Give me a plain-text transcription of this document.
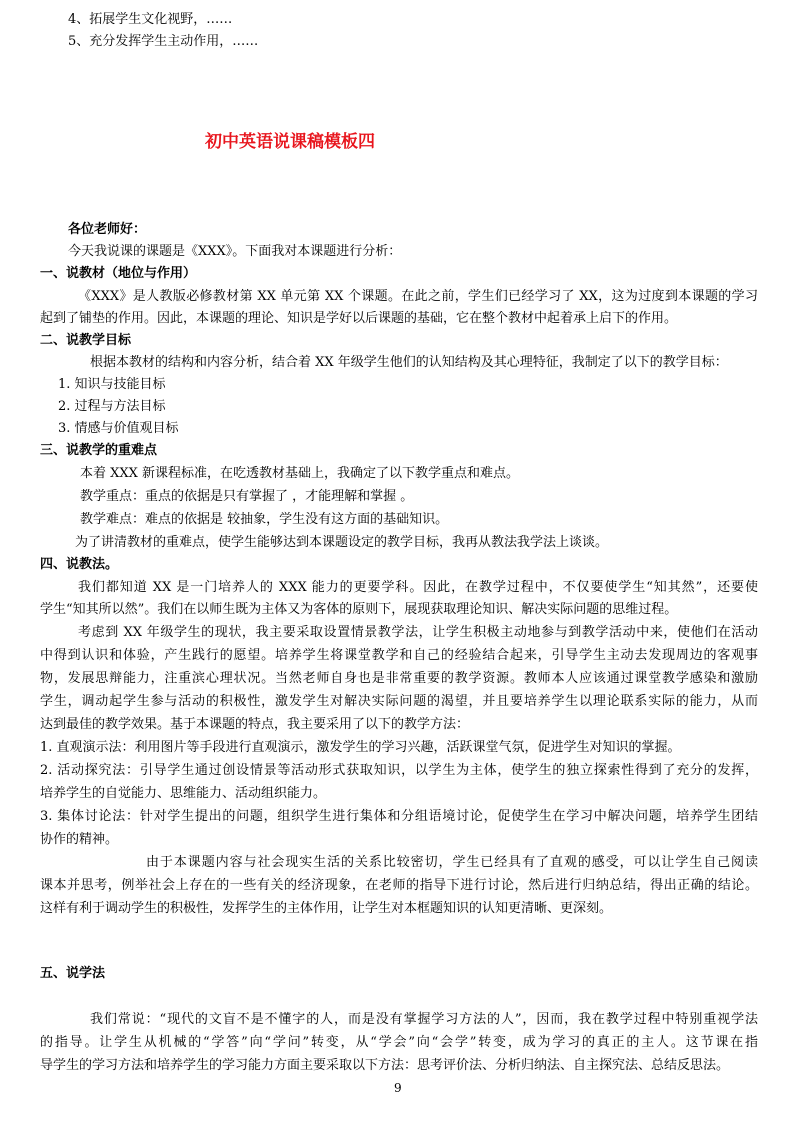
4、拓展学生文化视野，……
5、充分发挥学生主动作用，……
初中英语说课稿模板四
各位老师好：
今天我说课的课题是《XXX》。下面我对本课题进行分析：
一、说教材（地位与作用）
《XXX》是人教版必修教材第 XX 单元第 XX 个课题。在此之前，学生们已经学习了 XX，这为过度到本课题的学习
起到了铺垫的作用。因此，本课题的理论、知识是学好以后课题的基础，它在整个教材中起着承上启下的作用。
二、说教学目标
根据本教材的结构和内容分析，结合着 XX 年级学生他们的认知结构及其心理特征，我制定了以下的教学目标：
1. 知识与技能目标
2. 过程与方法目标
3. 情感与价值观目标
三、说教学的重难点
本着 XXX 新课程标准，在吃透教材基础上，我确定了以下教学重点和难点。
教学重点：重点的依据是只有掌握了 ，才能理解和掌握 。
教学难点：难点的依据是 较抽象，学生没有这方面的基础知识。
为了讲清教材的重难点，使学生能够达到本课题设定的教学目标，我再从教法我学法上谈谈。
四、说教法。
我们都知道 XX 是一门培养人的 XXX 能力的更要学科。因此，在教学过程中，不仅要使学生“知其然”，还要使
学生“知其所以然”。我们在以师生既为主体又为客体的原则下，展现获取理论知识、解决实际问题的思维过程。
考虑到 XX 年级学生的现状，我主要采取设置情景教学法，让学生积极主动地参与到教学活动中来，使他们在活动
中得到认识和体验，产生践行的愿望。培养学生将课堂教学和自己的经验结合起来，引导学生主动去发现周边的客观事
物，发展思辩能力，注重滨心理状况。当然老师自身也是非常重要的教学资源。教师本人应该通过课堂教学感染和激励
学生，调动起学生参与活动的积极性，激发学生对解决实际问题的渴望，并且要培养学生以理论联系实际的能力，从而
达到最佳的教学效果。基于本课题的特点，我主要采用了以下的教学方法：
1. 直观演示法：利用图片等手段进行直观演示，激发学生的学习兴趣，活跃课堂气氛，促进学生对知识的掌握。
2. 活动探究法：引导学生通过创设情景等活动形式获取知识，以学生为主体，使学生的独立探索性得到了充分的发挥，
培养学生的自觉能力、思维能力、活动组织能力。
3. 集体讨论法：针对学生提出的问题，组织学生进行集体和分组语境讨论，促使学生在学习中解决问题，培养学生团结
协作的精神。
由于本课题内容与社会现实生活的关系比较密切，学生已经具有了直观的感受，可以让学生自己阅读
课本并思考，例举社会上存在的一些有关的经济现象，在老师的指导下进行讨论，然后进行归纳总结，得出正确的结论。
这样有利于调动学生的积极性，发挥学生的主体作用，让学生对本框题知识的认知更清晰、更深刻。
五、说学法
我们常说：“现代的文盲不是不懂字的人，而是没有掌握学习方法的人”，因而，我在教学过程中特别重视学法
的指导。让学生从机械的“学答”向“学问”转变，从“学会”向“会学”转变，成为学习的真正的主人。这节课在指
导学生的学习方法和培养学生的学习能力方面主要采取以下方法：思考评价法、分析归纳法、自主探究法、总结反思法。
9
